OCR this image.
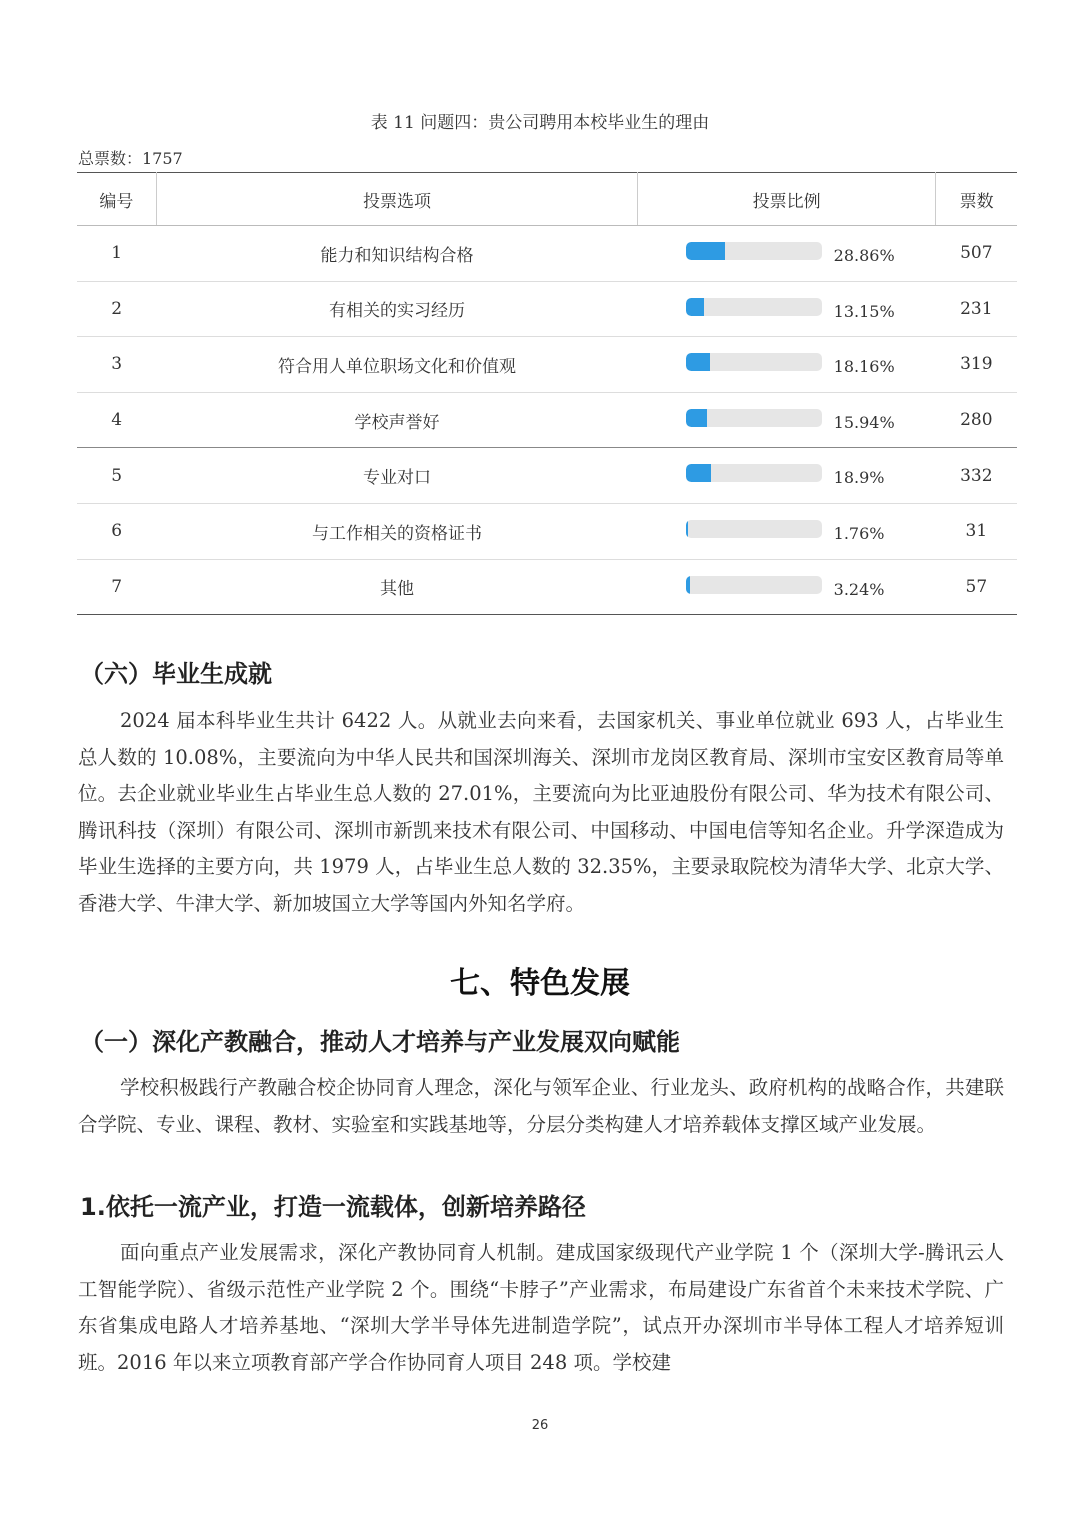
表 11 问题四：贵公司聘用本校毕业生的理由
总票数：1757
编号	投票选项	投票比例	票数
1	能力和知识结构合格	28.86%	507
2	有相关的实习经历	13.15%	231
3	符合用人单位职场文化和价值观	18.16%	319
4	学校声誉好	15.94%	280
5	专业对口	18.9%	332
6	与工作相关的资格证书	1.76%	31
7	其他	3.24%	57
（六）毕业生成就

2024 届本科毕业生共计 6422 人。从就业去向来看，去国家机关、事业单位就业 693 人，占毕业生总人数的 10.08%，主要流向为中华人民共和国深圳海关、深圳市龙岗区教育局、深圳市宝安区教育局等单位。去企业就业毕业生占毕业生总人数的 27.01%，主要流向为比亚迪股份有限公司、华为技术有限公司、腾讯科技（深圳）有限公司、深圳市新凯来技术有限公司、中国移动、中国电信等知名企业。升学深造成为毕业生选择的主要方向，共 1979 人，占毕业生总人数的 32.35%，主要录取院校为清华大学、北京大学、香港大学、牛津大学、新加坡国立大学等国内外知名学府。

七、特色发展
（一）深化产教融合，推动人才培养与产业发展双向赋能

学校积极践行产教融合校企协同育人理念，深化与领军企业、行业龙头、政府机构的战略合作，共建联合学院、专业、课程、教材、实验室和实践基地等，分层分类构建人才培养载体支撑区域产业发展。

1.依托一流产业，打造一流载体，创新培养路径

面向重点产业发展需求，深化产教协同育人机制。建成国家级现代产业学院 1 个（深圳大学-腾讯云人工智能学院）、省级示范性产业学院 2 个。围绕“卡脖子”产业需求，布局建设广东省首个未来技术学院、广东省集成电路人才培养基地、“深圳大学半导体先进制造学院”，试点开办深圳市半导体工程人才培养短训班。2016 年以来立项教育部产学合作协同育人项目 248 项。学校建

26
